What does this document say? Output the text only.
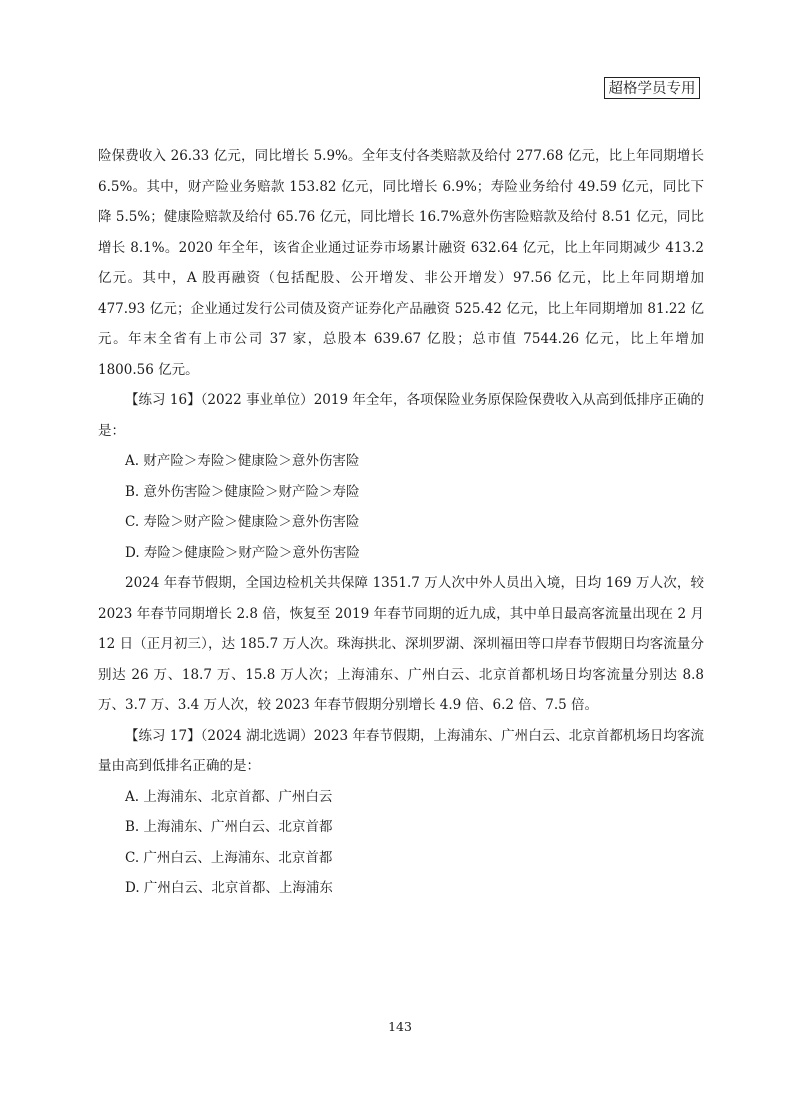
超格学员专用

险保费收入 26.33 亿元，同比增长 5.9%。全年支付各类赔款及给付 277.68 亿元，比上年同期增长 6.5%。其中，财产险业务赔款 153.82 亿元，同比增长 6.9%；寿险业务给付 49.59 亿元，同比下降 5.5%；健康险赔款及给付 65.76 亿元，同比增长 16.7%意外伤害险赔款及给付 8.51 亿元，同比增长 8.1%。2020 年全年，该省企业通过证券市场累计融资 632.64 亿元，比上年同期减少 413.2 亿元。其中，A 股再融资（包括配股、公开增发、非公开增发）97.56 亿元，比上年同期增加 477.93 亿元；企业通过发行公司债及资产证券化产品融资 525.42 亿元，比上年同期增加 81.22 亿元。年末全省有上市公司 37 家，总股本 639.67 亿股；总市值 7544.26 亿元，比上年增加 1800.56 亿元。

【练习 16】（2022 事业单位）2019 年全年，各项保险业务原保险保费收入从高到低排序正确的是：

A. 财产险＞寿险＞健康险＞意外伤害险

B. 意外伤害险＞健康险＞财产险＞寿险

C. 寿险＞财产险＞健康险＞意外伤害险

D. 寿险＞健康险＞财产险＞意外伤害险

2024 年春节假期，全国边检机关共保障 1351.7 万人次中外人员出入境，日均 169 万人次，较 2023 年春节同期增长 2.8 倍，恢复至 2019 年春节同期的近九成，其中单日最高客流量出现在 2 月 12 日（正月初三），达 185.7 万人次。珠海拱北、深圳罗湖、深圳福田等口岸春节假期日均客流量分别达 26 万、18.7 万、15.8 万人次；上海浦东、广州白云、北京首都机场日均客流量分别达 8.8 万、3.7 万、3.4 万人次，较 2023 年春节假期分别增长 4.9 倍、6.2 倍、7.5 倍。

【练习 17】（2024 湖北选调）2023 年春节假期，上海浦东、广州白云、北京首都机场日均客流量由高到低排名正确的是：

A. 上海浦东、北京首都、广州白云

B. 上海浦东、广州白云、北京首都

C. 广州白云、上海浦东、北京首都

D. 广州白云、北京首都、上海浦东

143
